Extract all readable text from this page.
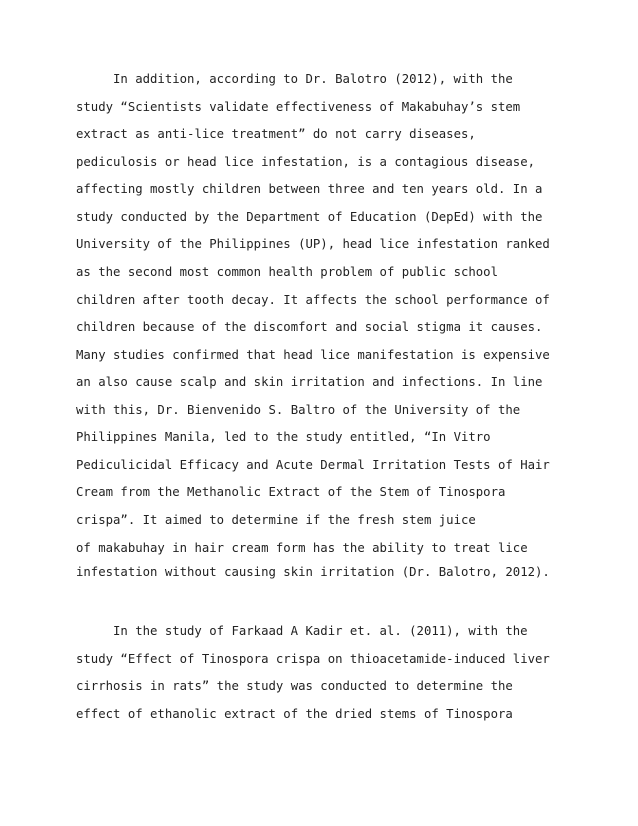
In addition, according to Dr. Balotro (2012), with the
study “Scientists validate effectiveness of Makabuhay’s stem
extract as anti-lice treatment” do not carry diseases,
pediculosis or head lice infestation, is a contagious disease,
affecting mostly children between three and ten years old. In a
study conducted by the Department of Education (DepEd) with the
University of the Philippines (UP), head lice infestation ranked
as the second most common health problem of public school
children after tooth decay. It affects the school performance of
children because of the discomfort and social stigma it causes.
Many studies confirmed that head lice manifestation is expensive
an also cause scalp and skin irritation and infections. In line
with this, Dr. Bienvenido S. Baltro of the University of the
Philippines Manila, led to the study entitled, “In Vitro
Pediculicidal Efficacy and Acute Dermal Irritation Tests of Hair
Cream from the Methanolic Extract of the Stem of Tinospora
crispa”. It aimed to determine if the fresh stem juice
of makabuhay in hair cream form has the ability to treat lice
infestation without causing skin irritation (Dr. Balotro, 2012).
In the study of Farkaad A Kadir et. al. (2011), with the
study “Effect of Tinospora crispa on thioacetamide-induced liver
cirrhosis in rats” the study was conducted to determine the
effect of ethanolic extract of the dried stems of Tinospora
